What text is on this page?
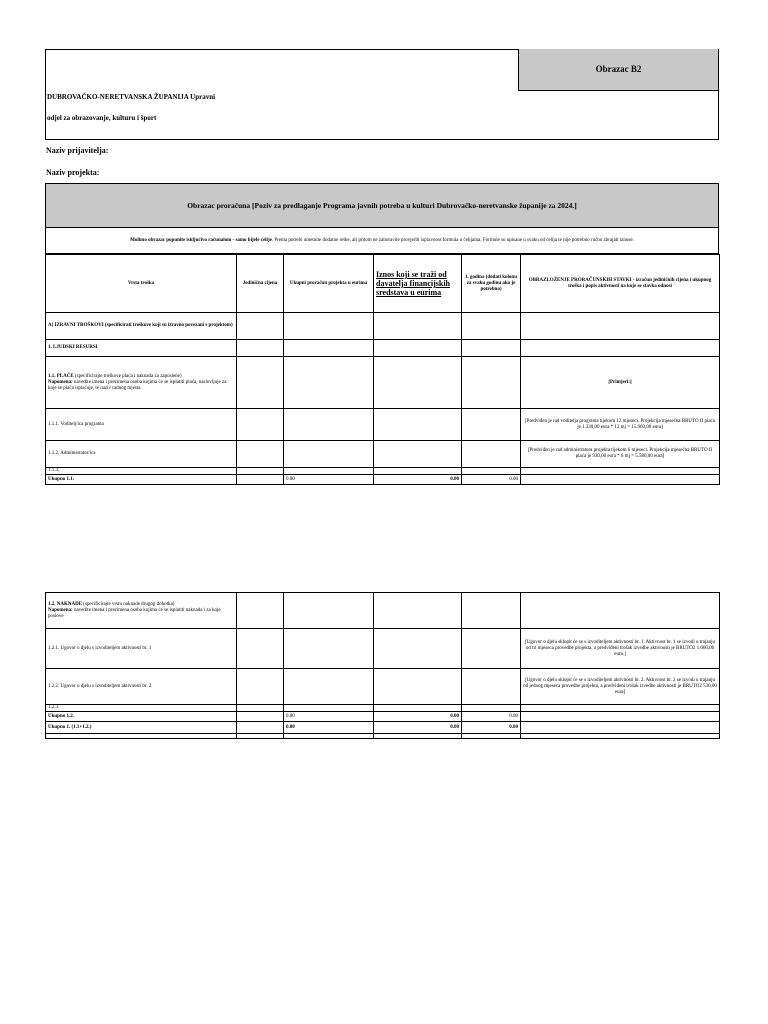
Obrazac B2
DUBROVAČKO-NERETVANSKA ŽUPANIJA Upravni
odjel za obrazovanje, kulturu i šport
Naziv prijavitelja:
Naziv projekta:
Obrazac proračuna [Poziv za predlaganje Programa javnih potreba u kulturi Dubrovačko-neretvanske županije za 2024.]
Molimo obrazac popunite isključivo računalom - samo bijele ćelije. Prema potrebi umetnite dodatne retke, ali pritom ne zaboravite provjeriti ispravnost formula u ćelijama. Formule su upisane u svaku od ćelija te nije potrebno ručno zbrajati iznose.
Vrsta troška	Jedinična cijena	Ukupni proračun projekta u eurima	Iznos koji se traži od davatelja financijskih sredstava u eurima	1. godina (dodati kolonu za svaku godinu ako je potrebno)	OBRAZLOŽENJE PRORAČUNSKIH STAVKI - izračun jediničnih cijena i ukupnog troška i popis aktivnosti na koje se stavka odnosi
A) IZRAVNI TROŠKOVI (specificirati troškove koji su izravno povezani s projektom)					
1. LJUDSKI RESURSI					
1.1. PLAĆE (specificirajte troškove plaća i naknada za zaposlene)
Napomena: navedite imena i prezimena osoba kojima će se isplatiti plaća, naslovljuje za koje se plaća isplaćuje, te naziv radnog mjesta					[Primjeri:]
1.1.1. Voditelj/ica programa					[Predviđen je rad voditelja programa tijekom 12 mjeseci. Projekcija mjesečna BRUTO II plaća je 1.330,00 eura * 12 mj = 15.960,00 eura]
1.1.2. Administrator/ica					[Predviđen je rad administratora projekta tijekom 6 mjeseci. Projekcija mjesečna BRUTO II plaća je 930,00 eura * 6 mj = 5.580,00 eura]
1.1.3.					
Ukupno 1.1.		0.00	0.00	0.00	
1.2. NAKNADE (specificirajte vrstu naknade drugog dohotka)
Napomena: navedite imena i prezimena osoba kojima će se isplatiti naknada i za koje poslove					
1.2.1. Ugovor o djelu s izvoditeljem aktivnosti br. 1					[Ugovor o djelu sklopit će se s izvoditeljem aktivnosti br. 1. Aktivnost br. 1 se izvodi u trajanju od tri mjeseca provedbe projekta, a predviđeni trošak izvedbe aktivnosti je BRUTO2 1.060,00 eura.]
1.2.2. Ugovor o djelu s izvoditeljem aktivnosti br. 2					[Ugovor o djelu sklopit će se s izvoditeljem aktivnosti br. 2. Aktivnost br. 2 se izvodi u trajanju od jednog mjeseca provedbe projekta, a predviđeni trošak izvedbe aktivnosti je BRUTO2 530,00 eura]
1.2.3.					
Ukupno 1.2.		0.00	0.00	0.00	
Ukupno 1. (1.1+1.2.)		0.00	0.00	0.00	
